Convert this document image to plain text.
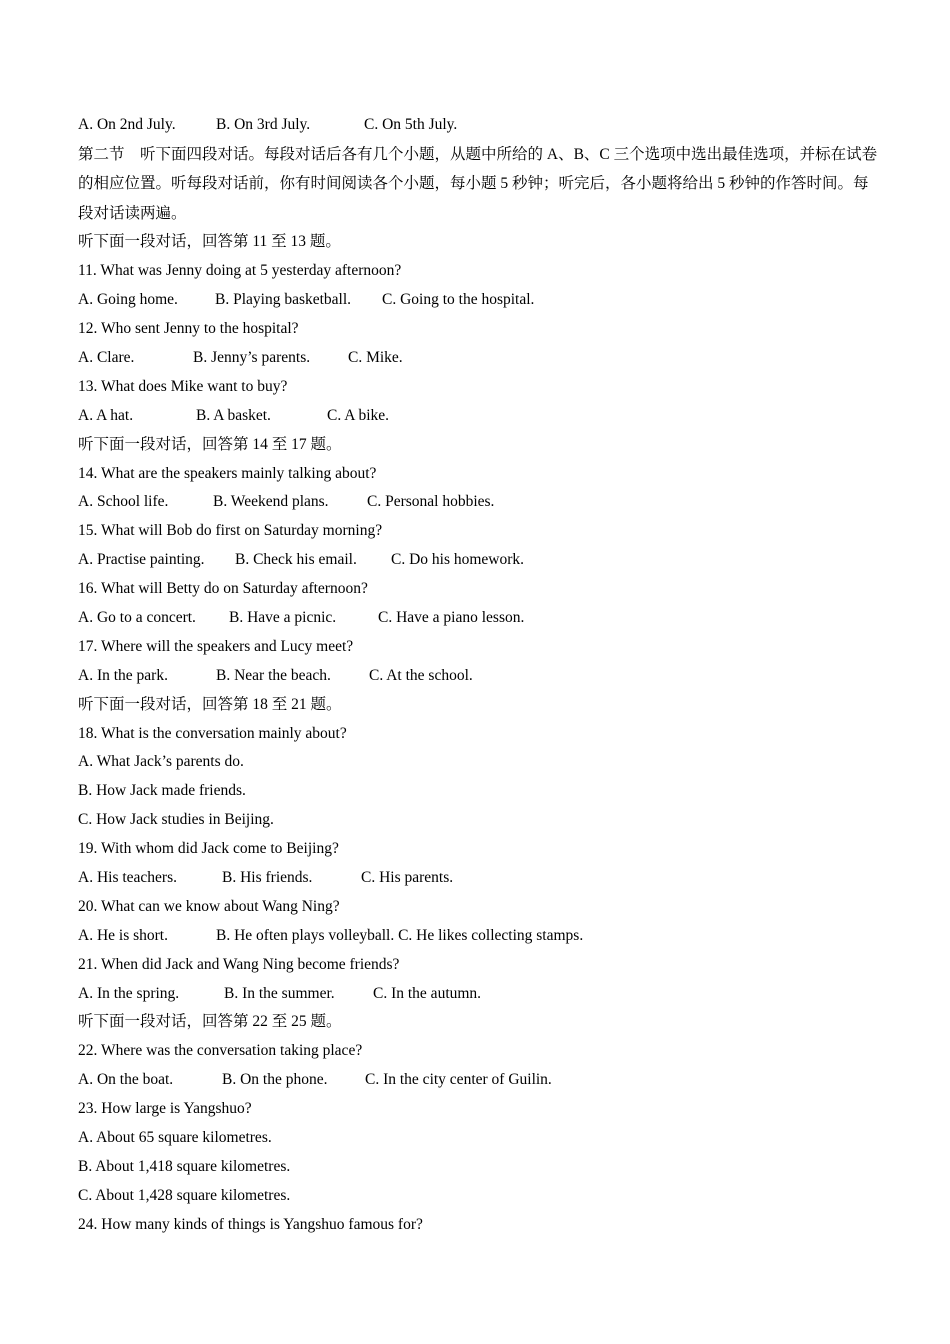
A. On 2nd July.	B. On 3rd July.	C. On 5th July.
第二节　听下面四段对话。每段对话后各有几个小题，从题中所给的 A、B、C 三个选项中选出最佳选项，并标在试卷的相应位置。听每段对话前，你有时间阅读各个小题，每小题 5 秒钟；听完后，各小题将给出 5 秒钟的作答时间。每段对话读两遍。
听下面一段对话，回答第 11 至 13 题。
11. What was Jenny doing at 5 yesterday afternoon?
A. Going home.	B. Playing basketball.	C. Going to the hospital.
12. Who sent Jenny to the hospital?
A. Clare.	B. Jenny’s parents.	C. Mike.
13. What does Mike want to buy?
A. A hat.	B. A basket.	C. A bike.
听下面一段对话，回答第 14 至 17 题。
14. What are the speakers mainly talking about?
A. School life.	B. Weekend plans.	C. Personal hobbies.
15. What will Bob do first on Saturday morning?
A. Practise painting.	B. Check his email.	C. Do his homework.
16. What will Betty do on Saturday afternoon?
A. Go to a concert.	B. Have a picnic.	C. Have a piano lesson.
17. Where will the speakers and Lucy meet?
A. In the park.	B. Near the beach.	C. At the school.
听下面一段对话，回答第 18 至 21 题。
18. What is the conversation mainly about?
A. What Jack’s parents do.
B. How Jack made friends.
C. How Jack studies in Beijing.
19. With whom did Jack come to Beijing?
A. His teachers.	B. His friends.	C. His parents.
20. What can we know about Wang Ning?
A. He is short.	B. He often plays volleyball. C. He likes collecting stamps.
21. When did Jack and Wang Ning become friends?
A. In the spring.	B. In the summer.	C. In the autumn.
听下面一段对话，回答第 22 至 25 题。
22. Where was the conversation taking place?
A. On the boat.	B. On the phone.	C. In the city center of Guilin.
23. How large is Yangshuo?
A. About 65 square kilometres.
B. About 1,418 square kilometres.
C. About 1,428 square kilometres.
24. How many kinds of things is Yangshuo famous for?
